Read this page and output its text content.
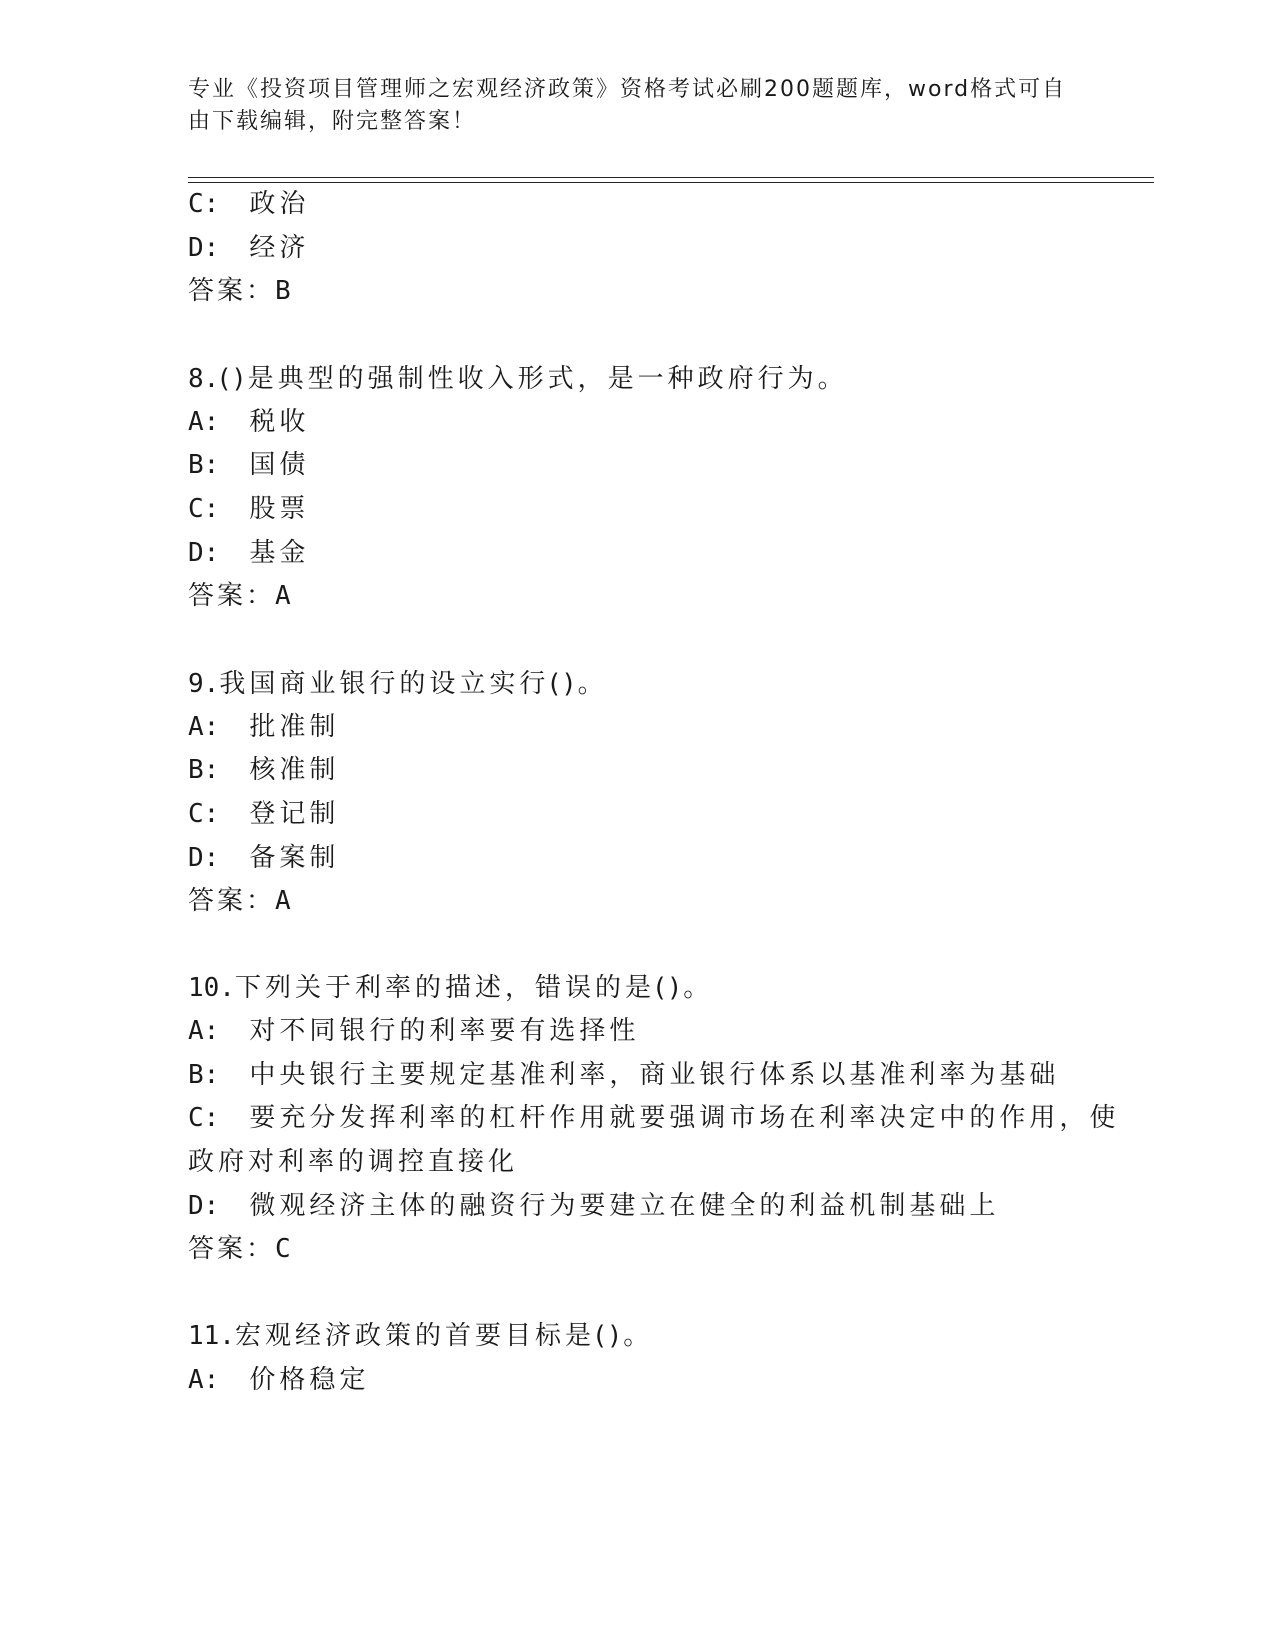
专业《投资项目管理师之宏观经济政策》资格考试必刷200题题库，word格式可自由下载编辑，附完整答案！
C: 政治
D: 经济
答案：B
8.()是典型的强制性收入形式，是一种政府行为。
A: 税收
B: 国债
C: 股票
D: 基金
答案：A
9.我国商业银行的设立实行()。
A: 批准制
B: 核准制
C: 登记制
D: 备案制
答案：A
10.下列关于利率的描述，错误的是()。
A: 对不同银行的利率要有选择性
B: 中央银行主要规定基准利率，商业银行体系以基准利率为基础
C: 要充分发挥利率的杠杆作用就要强调市场在利率决定中的作用，使
政府对利率的调控直接化
D: 微观经济主体的融资行为要建立在健全的利益机制基础上
答案：C
11.宏观经济政策的首要目标是()。
A: 价格稳定
